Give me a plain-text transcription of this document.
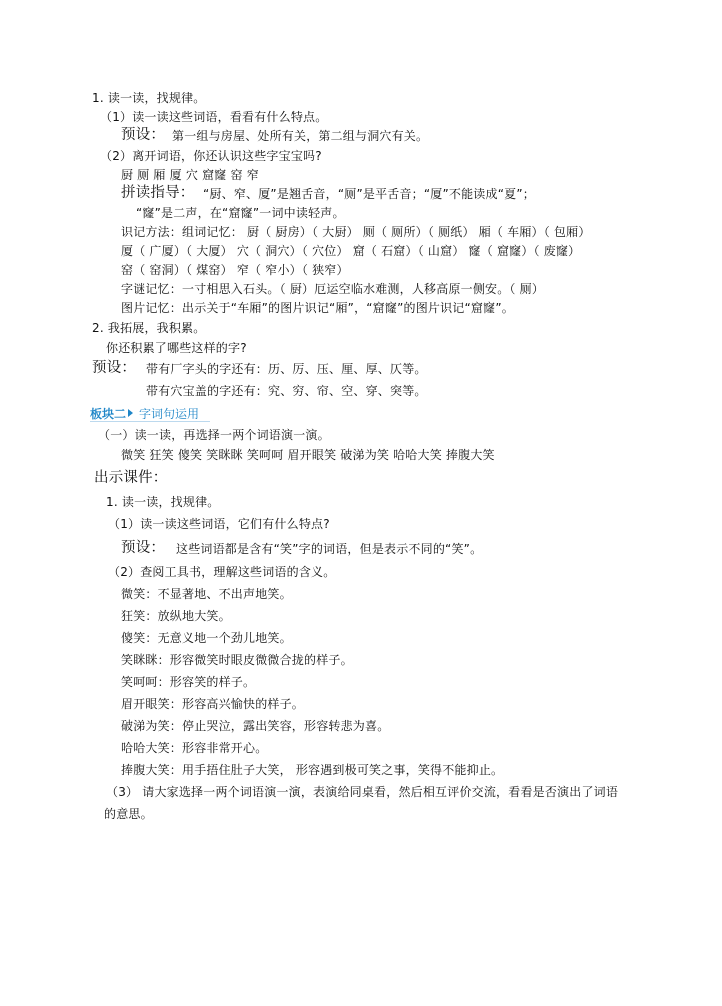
1. 读一读，找规律。
（1）读一读这些词语，看看有什么特点。
预设： 第一组与房屋、处所有关，第二组与洞穴有关。
（2）离开词语，你还认识这些字宝宝吗?
厨 厕 厢 厦 穴 窟窿 窑 窄
拼读指导： “厨、窄、厦”是翘舌音，“厕”是平舌音；“厦”不能读成“夏”；
“窿”是二声，在“窟窿”一词中读轻声。
识记方法：组词记忆： 厨（ 厨房）（ 大厨） 厕（ 厕所）（ 厕纸） 厢（ 车厢）（ 包厢）
厦（ 广厦）（ 大厦） 穴（ 洞穴）（ 穴位） 窟（ 石窟）（ 山窟） 窿（ 窟窿）（ 废窿）
窑（ 窑洞）（ 煤窑） 窄（ 窄小）（ 狭窄）
字谜记忆：一寸相思入石头。（ 厨）厄运空临水难测，人移高原一侧安。（ 厕）
图片记忆：出示关于“车厢”的图片识记“厢”，“窟窿”的图片识记“窟窿”。
2. 我拓展，我积累。
你还积累了哪些这样的字?
预设： 带有厂字头的字还有：历、厉、压、厘、厚、仄等。
带有穴宝盖的字还有：究、穷、帘、空、穿、突等。
板块二 字词句运用
（一）读一读，再选择一两个词语演一演。
微笑 狂笑 傻笑 笑眯眯 笑呵呵 眉开眼笑 破涕为笑 哈哈大笑 捧腹大笑
出示课件：
1. 读一读，找规律。
（1）读一读这些词语，它们有什么特点?
预设： 这些词语都是含有“笑”字的词语，但是表示不同的“笑”。
（2）查阅工具书，理解这些词语的含义。
微笑：不显著地、不出声地笑。
狂笑：放纵地大笑。
傻笑：无意义地一个劲儿地笑。
笑眯眯：形容微笑时眼皮微微合拢的样子。
笑呵呵：形容笑的样子。
眉开眼笑：形容高兴愉快的样子。
破涕为笑：停止哭泣，露出笑容，形容转悲为喜。
哈哈大笑：形容非常开心。
捧腹大笑：用手捂住肚子大笑， 形容遇到极可笑之事，笑得不能抑止。
（3） 请大家选择一两个词语演一演，表演给同桌看，然后相互评价交流，看看是否演出了词语
的意思。
